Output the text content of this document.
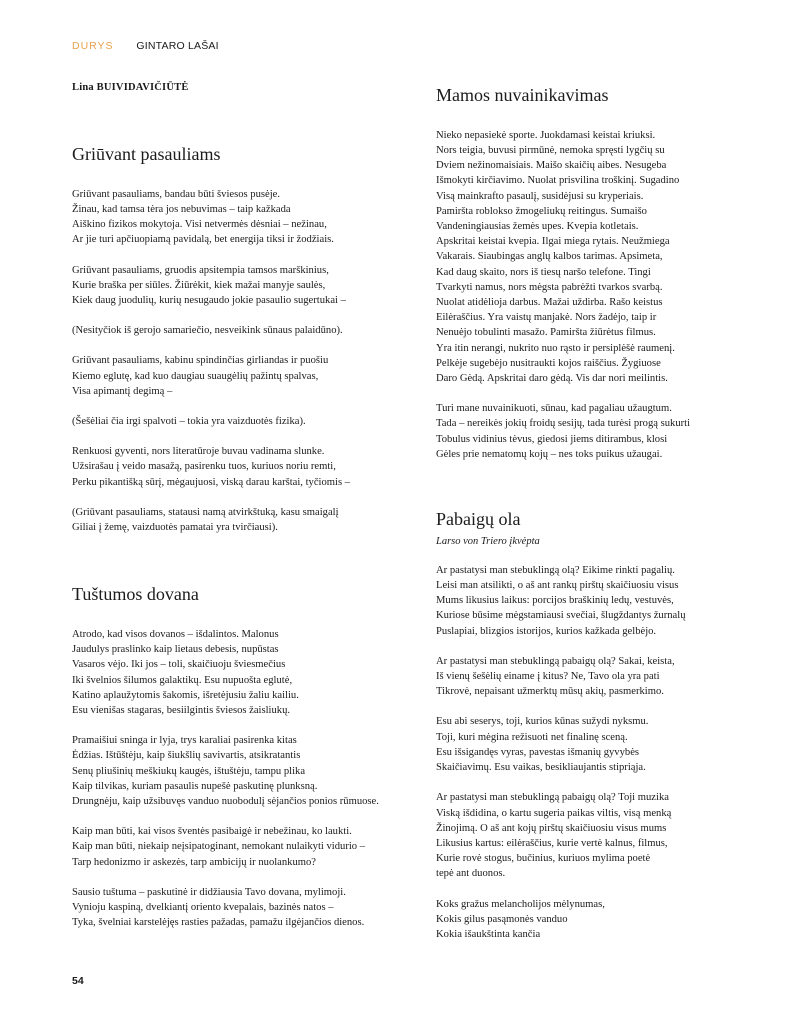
DURYS GINTARO LAŠAI
Lina BUIVIDAVIČIŪTĖ
Griūvant pasauliams
Griūvant pasauliams, bandau būti šviesos pusėje.
Žinau, kad tamsa tėra jos nebuvimas – taip kažkada
Aiškino fizikos mokytoja. Visi netvermės dėsniai – nežinau,
Ar jie turi apčiuopiamą pavidalą, bet energija tiksi ir žodžiais.
Griūvant pasauliams, gruodis apsitempia tamsos marškinius,
Kurie braška per siūles. Žiūrėkit, kiek mažai manyje saulės,
Kiek daug juodulių, kurių nesugaudo jokie pasaulio sugertukai –
(Nesityčiok iš gerojo samariečio, nesveikink sūnaus palaidūno).
Griūvant pasauliams, kabinu spindinčias girliandas ir puošiu
Kiemo eglutę, kad kuo daugiau suaugėlių pažintų spalvas,
Visa apimantį degimą –
(Šešėliai čia irgi spalvoti – tokia yra vaizduotės fizika).
Renkuosi gyventi, nors literatūroje buvau vadinama slunke.
Užsirašau į veido masažą, pasirenku tuos, kuriuos noriu remti,
Perku pikantišką sūrį, mėgaujuosi, viską darau karštai, tyčiomis –
(Griūvant pasauliams, statausi namą atvirkštuką, kasu smaigalį
Giliai į žemę, vaizduotės pamatai yra tvirčiausi).
Tuštumos dovana
Atrodo, kad visos dovanos – išdalintos. Malonus
Jaudulys praslinko kaip lietaus debesis, nupūstas
Vasaros vėjo. Iki jos – toli, skaičiuoju šviesmečius
Iki švelnios šilumos galaktikų. Esu nupuošta eglutė,
Katino aplaužytomis šakomis, išretėjusiu žaliu kailiu.
Esu vienišas stagaras, besiilgintis šviesos žaisliukų.
Pramaišiui sninga ir lyja, trys karaliai pasirenka kitas
Ėdžias. Ištūštėju, kaip šiukšlių savivartis, atsikratantis
Senų pliušinių meškiukų kaugės, ištuštėju, tampu plika
Kaip tilvikas, kuriam pasaulis nupešė paskutinę plunksną.
Drungnėju, kaip užsibuvęs vanduo nuobodulį sėjančios ponios rūmuose.
Kaip man būti, kai visos šventės pasibaigė ir nebežinau, ko laukti.
Kaip man būti, niekaip neįsipatoginant, nemokant nulaikyti vidurio –
Tarp hedonizmo ir askezės, tarp ambicijų ir nuolankumo?
Sausio tuštuma – paskutinė ir didžiausia Tavo dovana, mylimoji.
Vynioju kaspiną, dvelkiantį oriento kvepalais, bazinės natos –
Tyka, švelniai karstelėjęs rasties pažadas, pamažu ilgėjančios dienos.
Mamos nuvainikavimas
Nieko nepasiekė sporte. Juokdamasi keistai kriuksi.
Nors teigia, buvusi pirmūnė, nemoka spręsti lygčių su
Dviem nežinomaisiais. Maišo skaičių aibes. Nesugeba
Išmokyti kirčiavimo. Nuolat prisvilina troškinį. Sugadino
Visą mainkrafto pasaulį, susidėjusi su kryperiais.
Pamiršta roblokso žmogeliukų reitingus. Sumaišo
Vandeningiausias žemės upes. Kvepia kotletais.
Apskritai keistai kvepia. Ilgai miega rytais. Neužmiega
Vakarais. Siaubingas anglų kalbos tarimas. Apsimeta,
Kad daug skaito, nors iš tiesų naršo telefone. Tingi
Tvarkyti namus, nors mėgsta pabrėžti tvarkos svarbą.
Nuolat atidėlioja darbus. Mažai uždirba. Rašo keistus
Eilėraščius. Yra vaistų manjakė. Nors žadėjo, taip ir
Nenuėjo tobulinti masažo. Pamiršta žiūrėtus filmus.
Yra itin nerangi, nukrito nuo rąsto ir persiplėšė raumenį.
Pelkėje sugebėjo nusitraukti kojos raiščius. Žygiuose
Daro Gėdą. Apskritai daro gėdą. Vis dar nori meilintis.
Turi mane nuvainikuoti, sūnau, kad pagaliau užaugtum.
Tada – nereikės jokių froidų sesijų, tada turėsi progą sukurti
Tobulus vidinius tėvus, giedosi jiems ditirambus, klosi
Gėles prie nematomų kojų – nes toks puikus užaugai.
Pabaigų ola
Larso von Triero įkvėpta
Ar pastatysi man stebuklingą olą? Eikime rinkti pagalių.
Leisi man atsilikti, o aš ant rankų pirštų skaičiuosiu visus
Mums likusius laikus: porcijos braškinių ledų, vestuvės,
Kuriose būsime mėgstamiausi svečiai, šlugždantys žurnalų
Puslapiai, blizgios istorijos, kurios kažkada gelbėjo.
Ar pastatysi man stebuklingą pabaigų olą? Sakai, keista,
Iš vienų šešėlių einame į kitus? Ne, Tavo ola yra pati
Tikrovė, nepaisant užmerktų mūsų akių, pasmerkimo.
Esu abi seserys, toji, kurios kūnas sužydi nyksmu.
Toji, kuri mėgina režisuoti net finalinę sceną.
Esu išsigandęs vyras, pavestas išmanių gyvybės
Skaičiavimų. Esu vaikas, besikliaujantis stipriąja.
Ar pastatysi man stebuklingą pabaigų olą? Toji muzika
Viską išdidina, o kartu sugeria paikas viltis, visą menką
Žinojimą. O aš ant kojų pirštų skaičiuosiu visus mums
Likusius kartus: eilėraščius, kurie vertė kalnus, filmus,
Kurie rovė stogus, bučinius, kuriuos mylima poetė
tepė ant duonos.
Koks gražus melancholijos mėlynumas,
Kokis gilus pasąmonės vanduo
Kokia išaukštinta kančia
54
